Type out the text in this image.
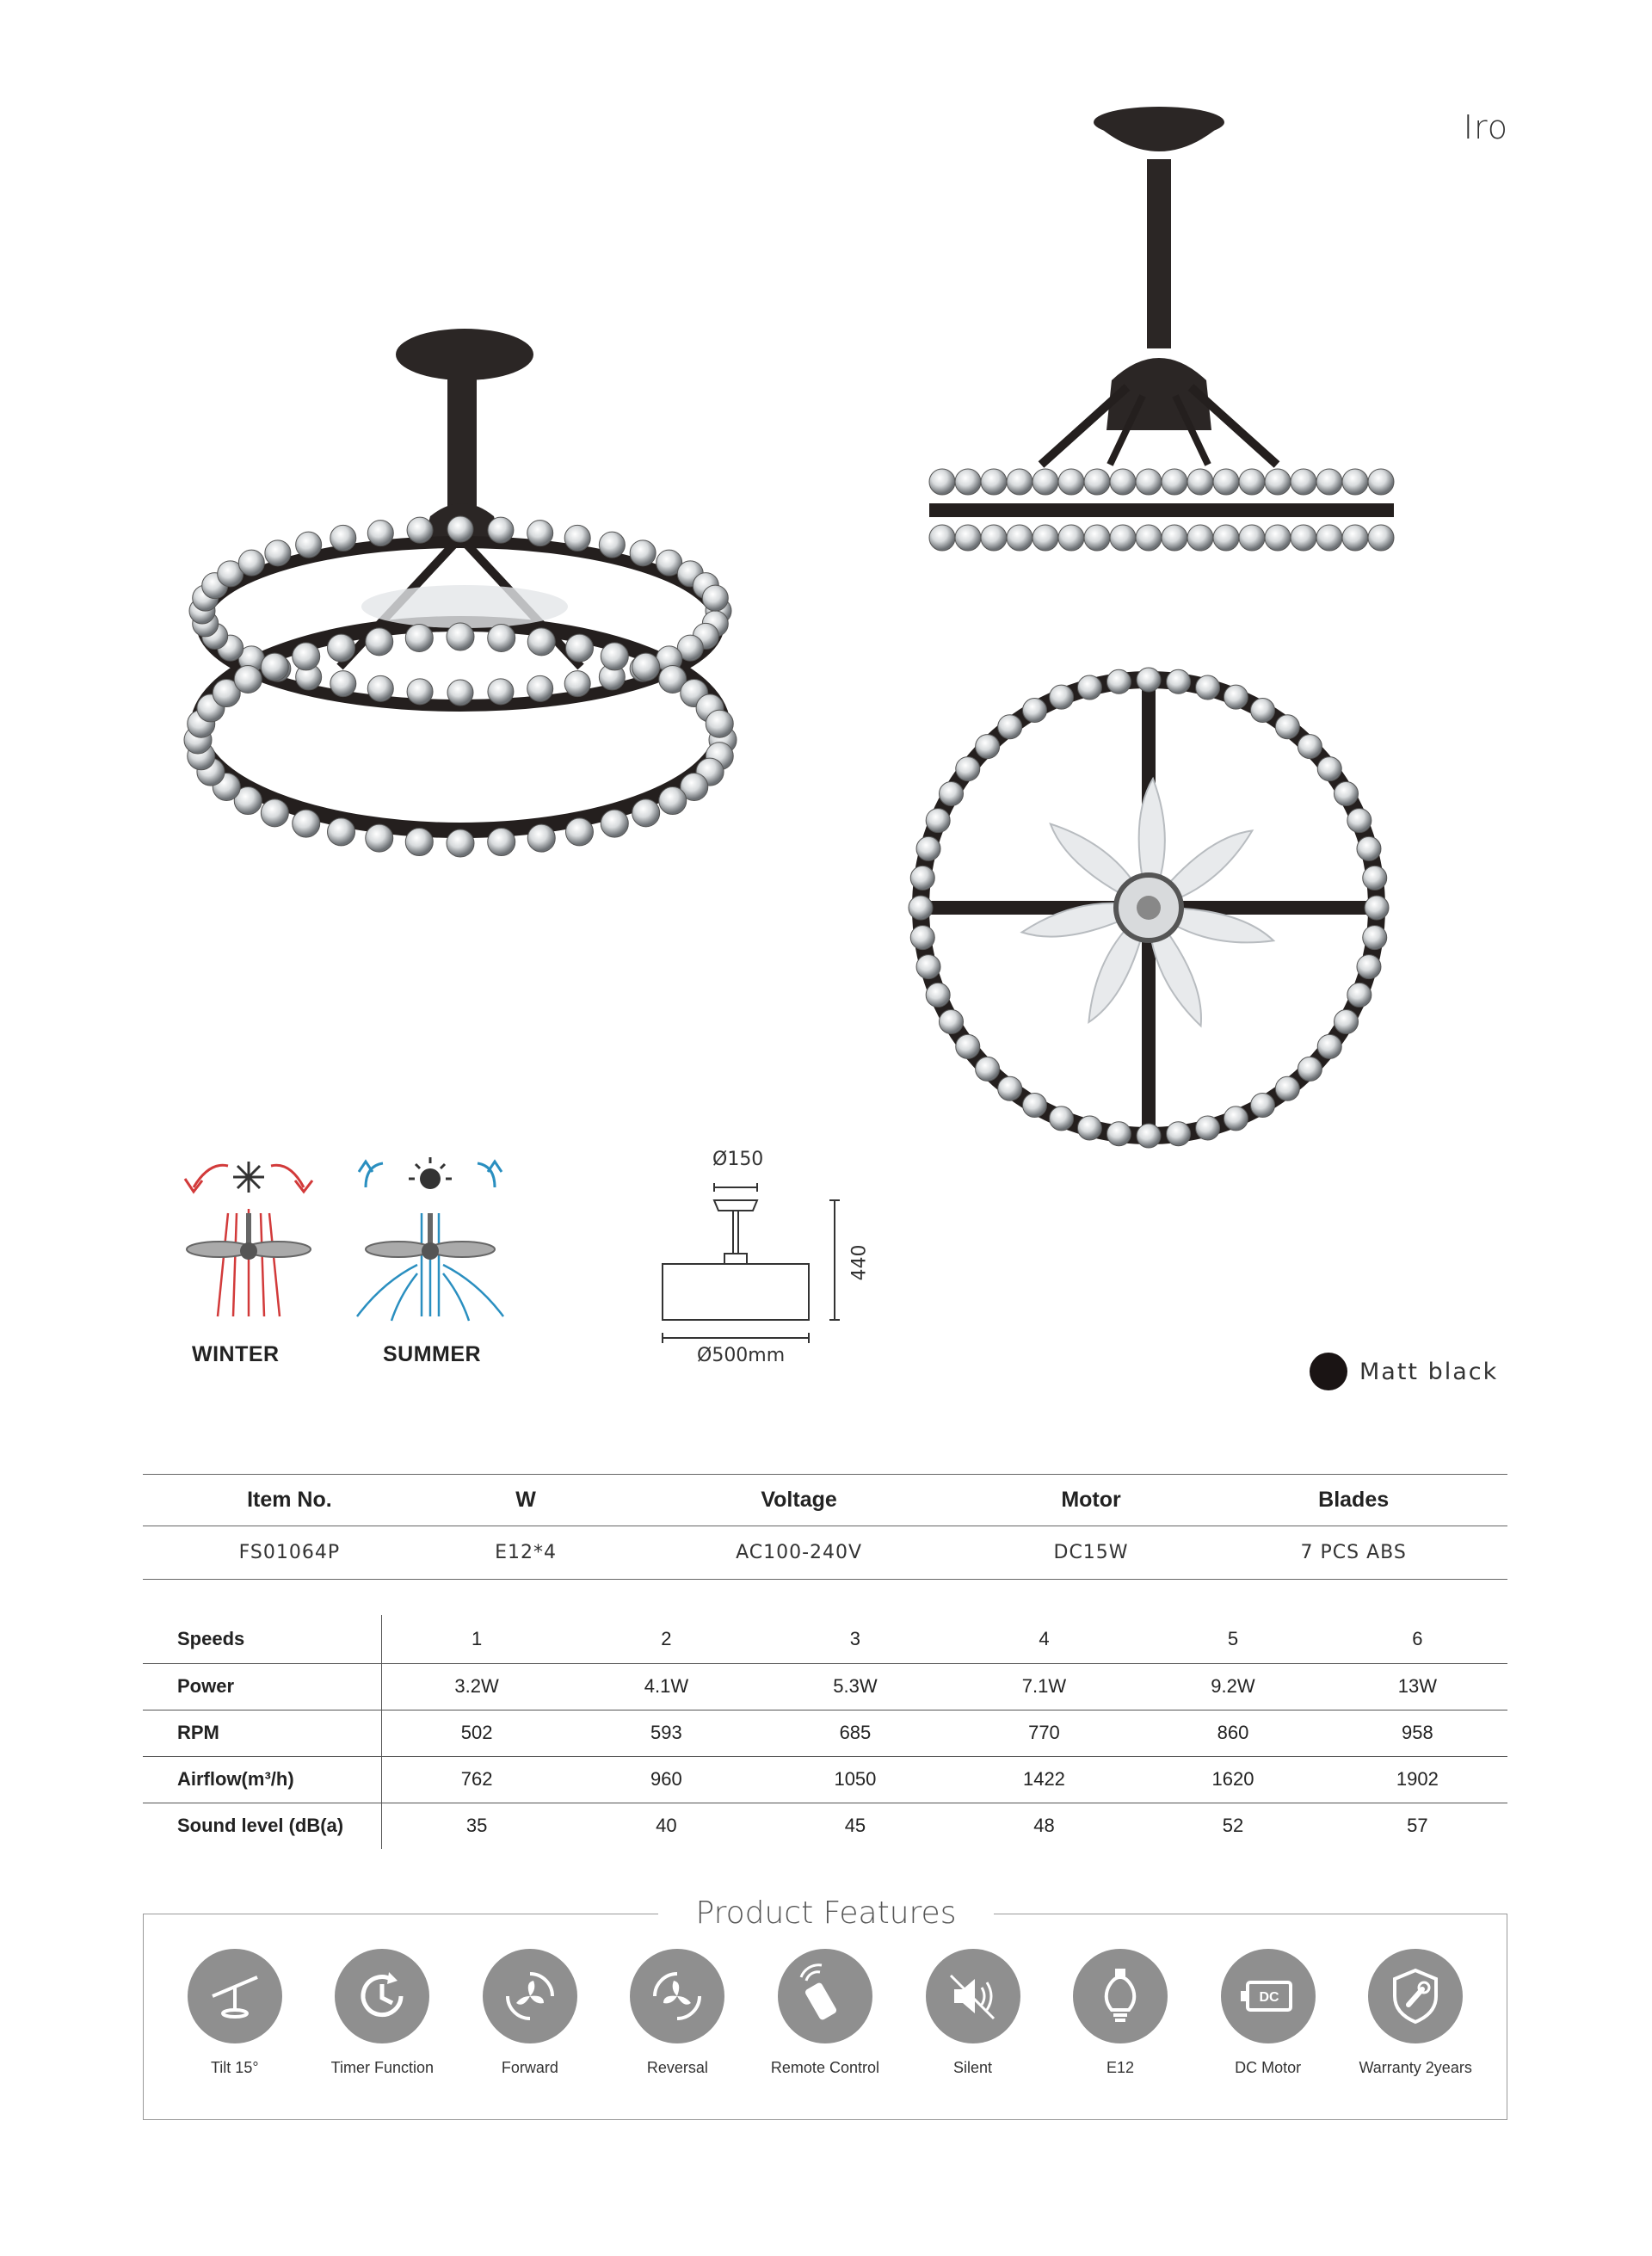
Iro
WINTER	SUMMER
Ø150
440
Ø500mm
Matt black
Item No.	W	Voltage	Motor	Blades
FS01064P	E12*4	AC100-240V	DC15W	7 PCS ABS
Speeds	1	2	3	4	5	6
Power	3.2W	4.1W	5.3W	7.1W	9.2W	13W
RPM	502	593	685	770	860	958
Airflow(m³/h)	762	960	1050	1422	1620	1902
Sound level (dB(a)	35	40	45	48	52	57
Tilt 15°	Timer Function	Forward	Reversal	Remote Control	Silent	E12
DC
DC Motor	Warranty 2years
Product Features
